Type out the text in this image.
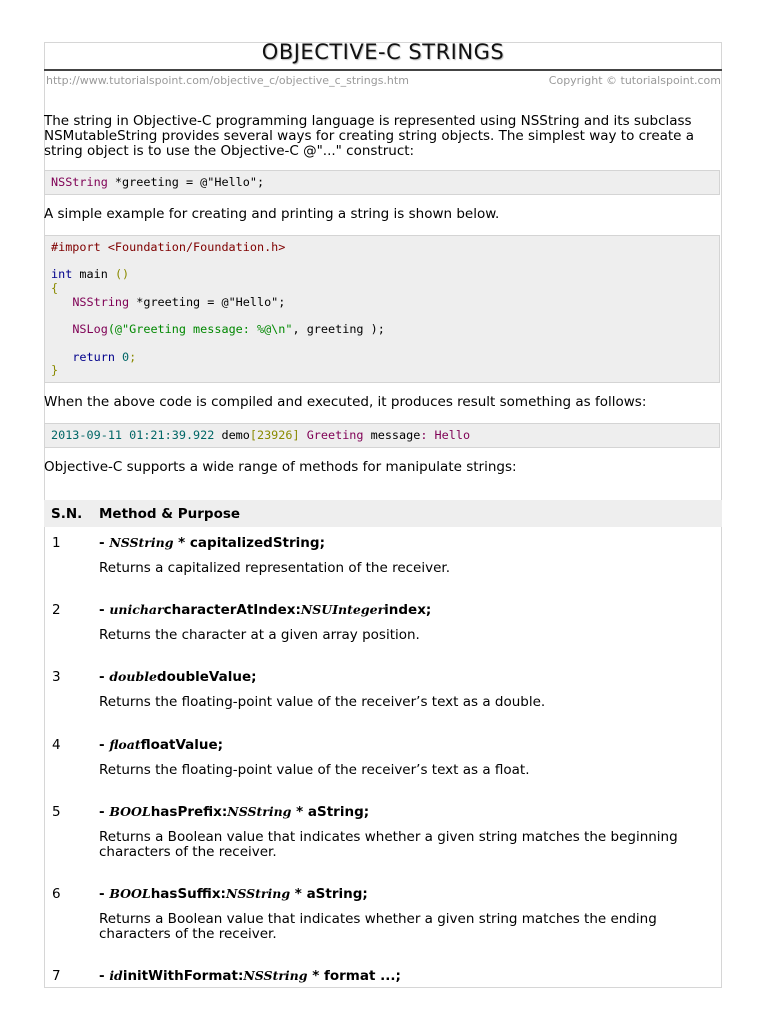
OBJECTIVE-C STRINGS
http://www.tutorialspoint.com/objective_c/objective_c_strings.htm	Copyright © tutorialspoint.com
The string in Objective-C programming language is represented using NSString and its subclass NSMutableString provides several ways for creating string objects. The simplest way to create a string object is to use the Objective-C @"..." construct:
NSString *greeting = @"Hello";
A simple example for creating and printing a string is shown below.
#import <Foundation/Foundation.h>

int main ()
{
NSString *greeting = @"Hello";

NSLog(@"Greeting message: %@\n", greeting );

return 0;
}
When the above code is compiled and executed, it produces result something as follows:
2013-09-11 01:21:39.922 demo[23926] Greeting message: Hello
Objective-C supports a wide range of methods for manipulate strings:
S.N. Method & Purpose
1	- NSString * capitalizedString;
Returns a capitalized representation of the receiver.
2	- unicharcharacterAtIndex:NSUIntegerindex;
Returns the character at a given array position.
3	- doubledoubleValue;
Returns the floating-point value of the receiver’s text as a double.
4	- floatfloatValue;
Returns the floating-point value of the receiver’s text as a float.
5	- BOOLhasPrefix:NSString * aString;
Returns a Boolean value that indicates whether a given string matches the beginning characters of the receiver.
6	- BOOLhasSuffix:NSString * aString;
Returns a Boolean value that indicates whether a given string matches the ending characters of the receiver.
7	- idinitWithFormat:NSString * format ...;
